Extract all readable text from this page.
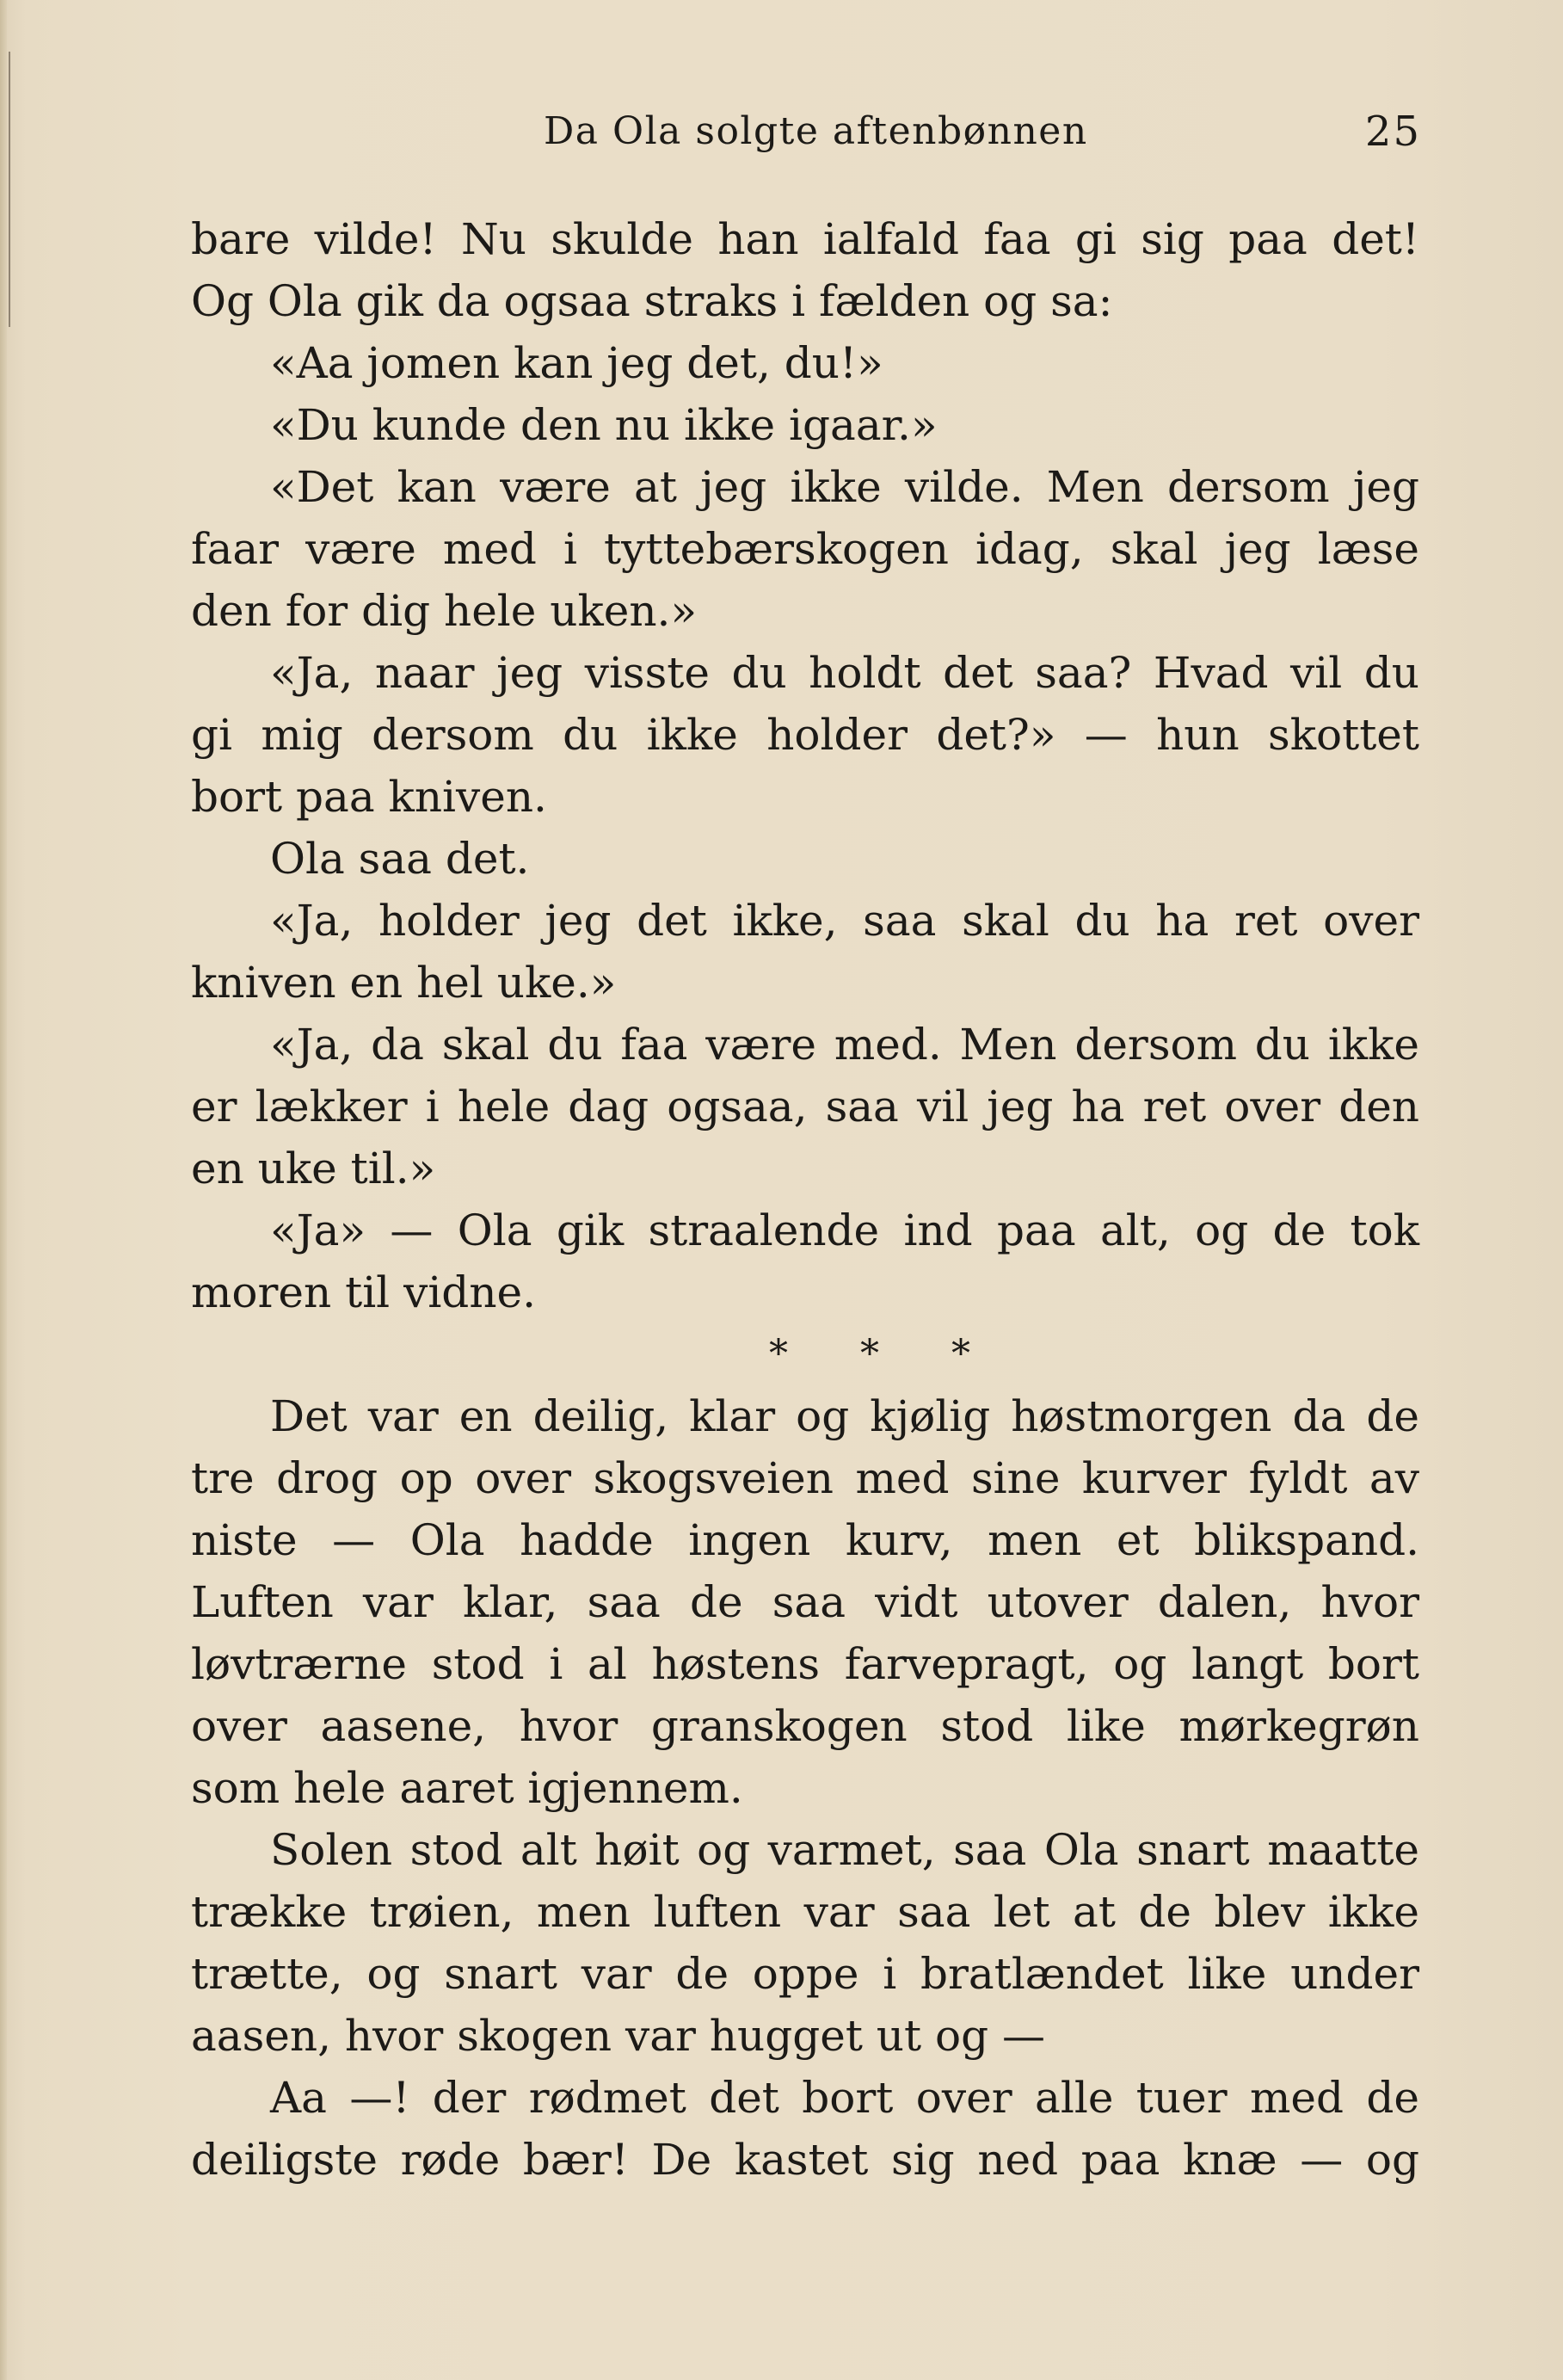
Da Ola solgte aftenbønnen	25
bare vilde! Nu skulde han ialfald faa gi sig paa det!
Og Ola gik da ogsaa straks i fælden og sa:
«Aa jomen kan jeg det, du!»
«Du kunde den nu ikke igaar.»
«Det kan være at jeg ikke vilde. Men dersom jeg
faar være med i tyttebærskogen idag, skal jeg læse
den for dig hele uken.»
«Ja, naar jeg visste du holdt det saa? Hvad vil du
gi mig dersom du ikke holder det?» — hun skottet
bort paa kniven.
Ola saa det.
«Ja, holder jeg det ikke, saa skal du ha ret over
kniven en hel uke.»
«Ja, da skal du faa være med. Men dersom du ikke
er lækker i hele dag ogsaa, saa vil jeg ha ret over den
en uke til.»
«Ja» — Ola gik straalende ind paa alt, og de tok
moren til vidne.
* * *
Det var en deilig, klar og kjølig høstmorgen da de
tre drog op over skogsveien med sine kurver fyldt av
niste — Ola hadde ingen kurv, men et blikspand.
Luften var klar, saa de saa vidt utover dalen, hvor
løvtrærne stod i al høstens farvepragt, og langt bort
over aasene, hvor granskogen stod like mørkegrøn
som hele aaret igjennem.
Solen stod alt høit og varmet, saa Ola snart maatte
trække trøien, men luften var saa let at de blev ikke
trætte, og snart var de oppe i bratlændet like under
aasen, hvor skogen var hugget ut og —
Aa —! der rødmet det bort over alle tuer med de
deiligste røde bær! De kastet sig ned paa knæ — og
